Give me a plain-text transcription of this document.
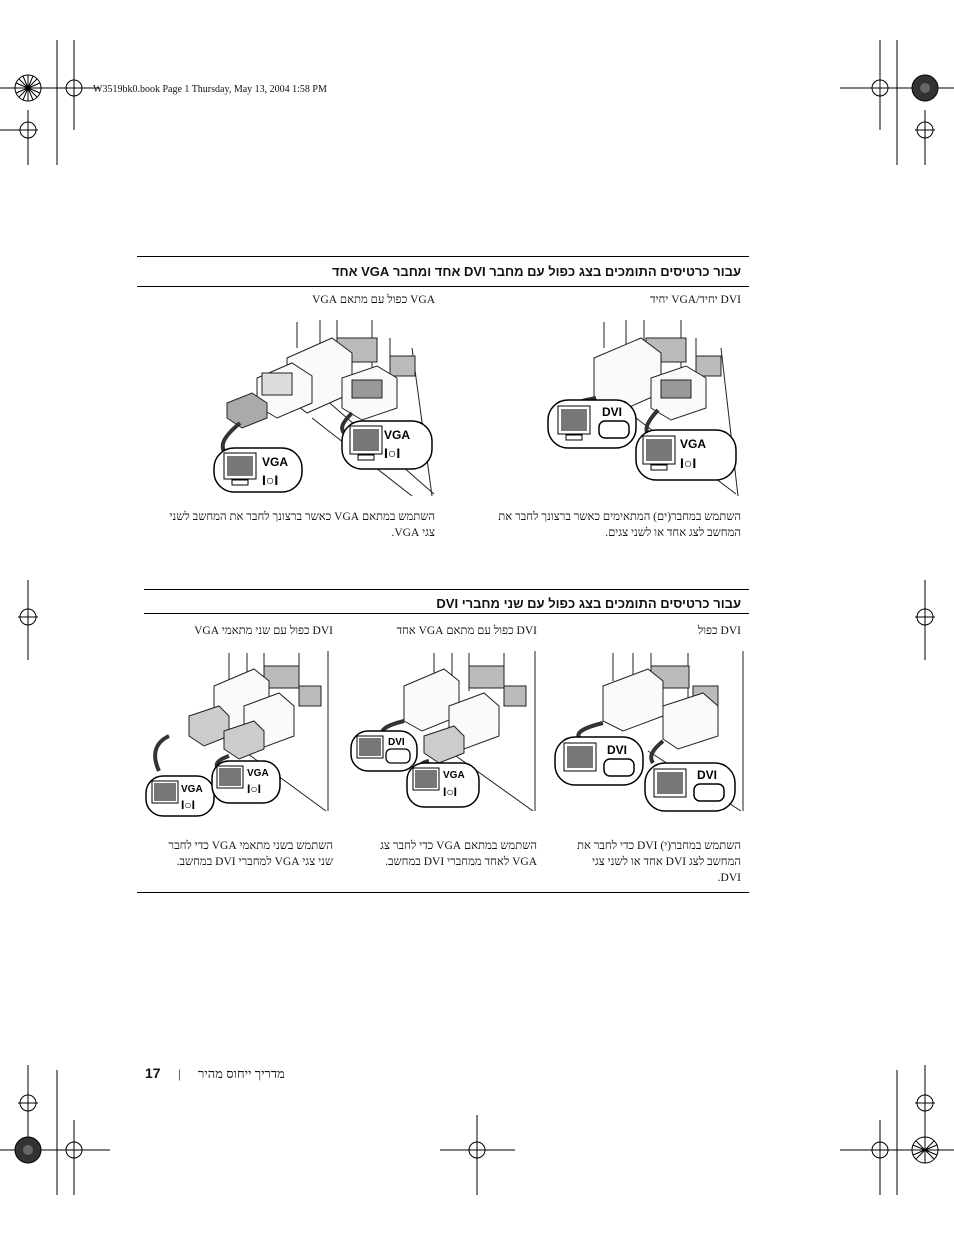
W3519bk0.book Page 1 Thursday, May 13, 2004 1:58 PM
עבור כרטיסים התומכים בצג כפול עם מחבר DVI אחד ומחבר VGA אחד
DVI יחיד/VGA יחיד
VGA כפול עם מתאם VGA
VGA
I○I
VGA
I○I
DVI
VGA
I○I
השתמש במחבר(ים) המתאימים כאשר ברצונך לחבר את
המחשב לצג אחד או לשני צגים.
השתמש במתאם VGA כאשר ברצונך לחבר את המחשב לשני
צגי VGA.
עבור כרטיסים התומכים בצג כפול עם שני מחברי DVI
DVI כפול
DVI כפול עם מתאם VGA אחד
DVI כפול עם שני מתאמי VGA
VGA
I○I
VGA
I○I
DVI
VGA
I○I
DVI
DVI
השתמש במחבר(י) DVI כדי לחבר את
המחשב לצג DVI אחד או לשני צגי
DVI.
השתמש במתאם VGA כדי לחבר צג
VGA לאחד ממחברי DVI במחשב.
השתמש בשני מתאמי VGA כדי לחבר
שני צגי VGA למחברי DVI במחשב.
מדריך ייחוס מהיר
|
17
